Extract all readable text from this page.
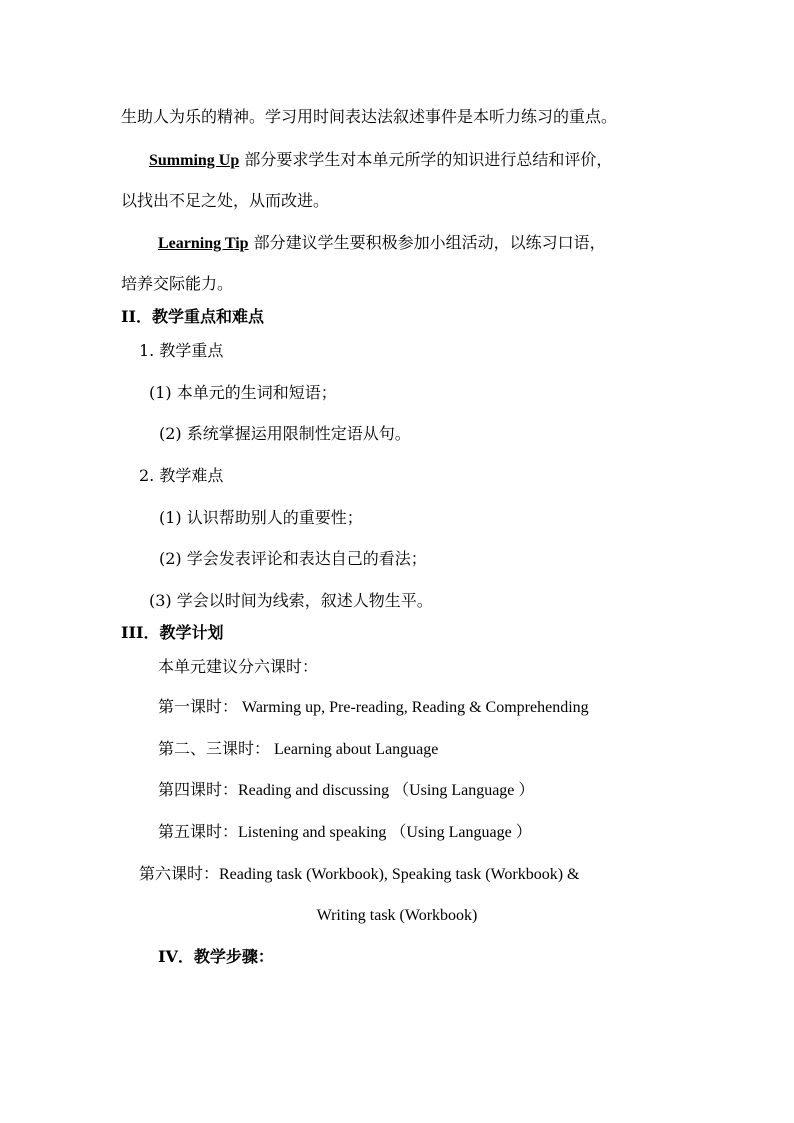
生助人为乐的精神。学习用时间表达法叙述事件是本听力练习的重点。
Summing Up 部分要求学生对本单元所学的知识进行总结和评价，
以找出不足之处，从而改进。
Learning Tip 部分建议学生要积极参加小组活动，以练习口语，
培养交际能力。
II．教学重点和难点
1. 教学重点
(1) 本单元的生词和短语；
(2) 系统掌握运用限制性定语从句。
2. 教学难点
(1) 认识帮助别人的重要性；
(2) 学会发表评论和表达自己的看法；
(3) 学会以时间为线索，叙述人物生平。
III．教学计划
本单元建议分六课时：
第一课时： Warming up, Pre-reading, Reading & Comprehending
第二、三课时： Learning about Language
第四课时：Reading and discussing （Using Language ）
第五课时：Listening and speaking （Using Language ）
第六课时：Reading task (Workbook), Speaking task (Workbook) &
Writing task (Workbook)
IV．教学步骤：
